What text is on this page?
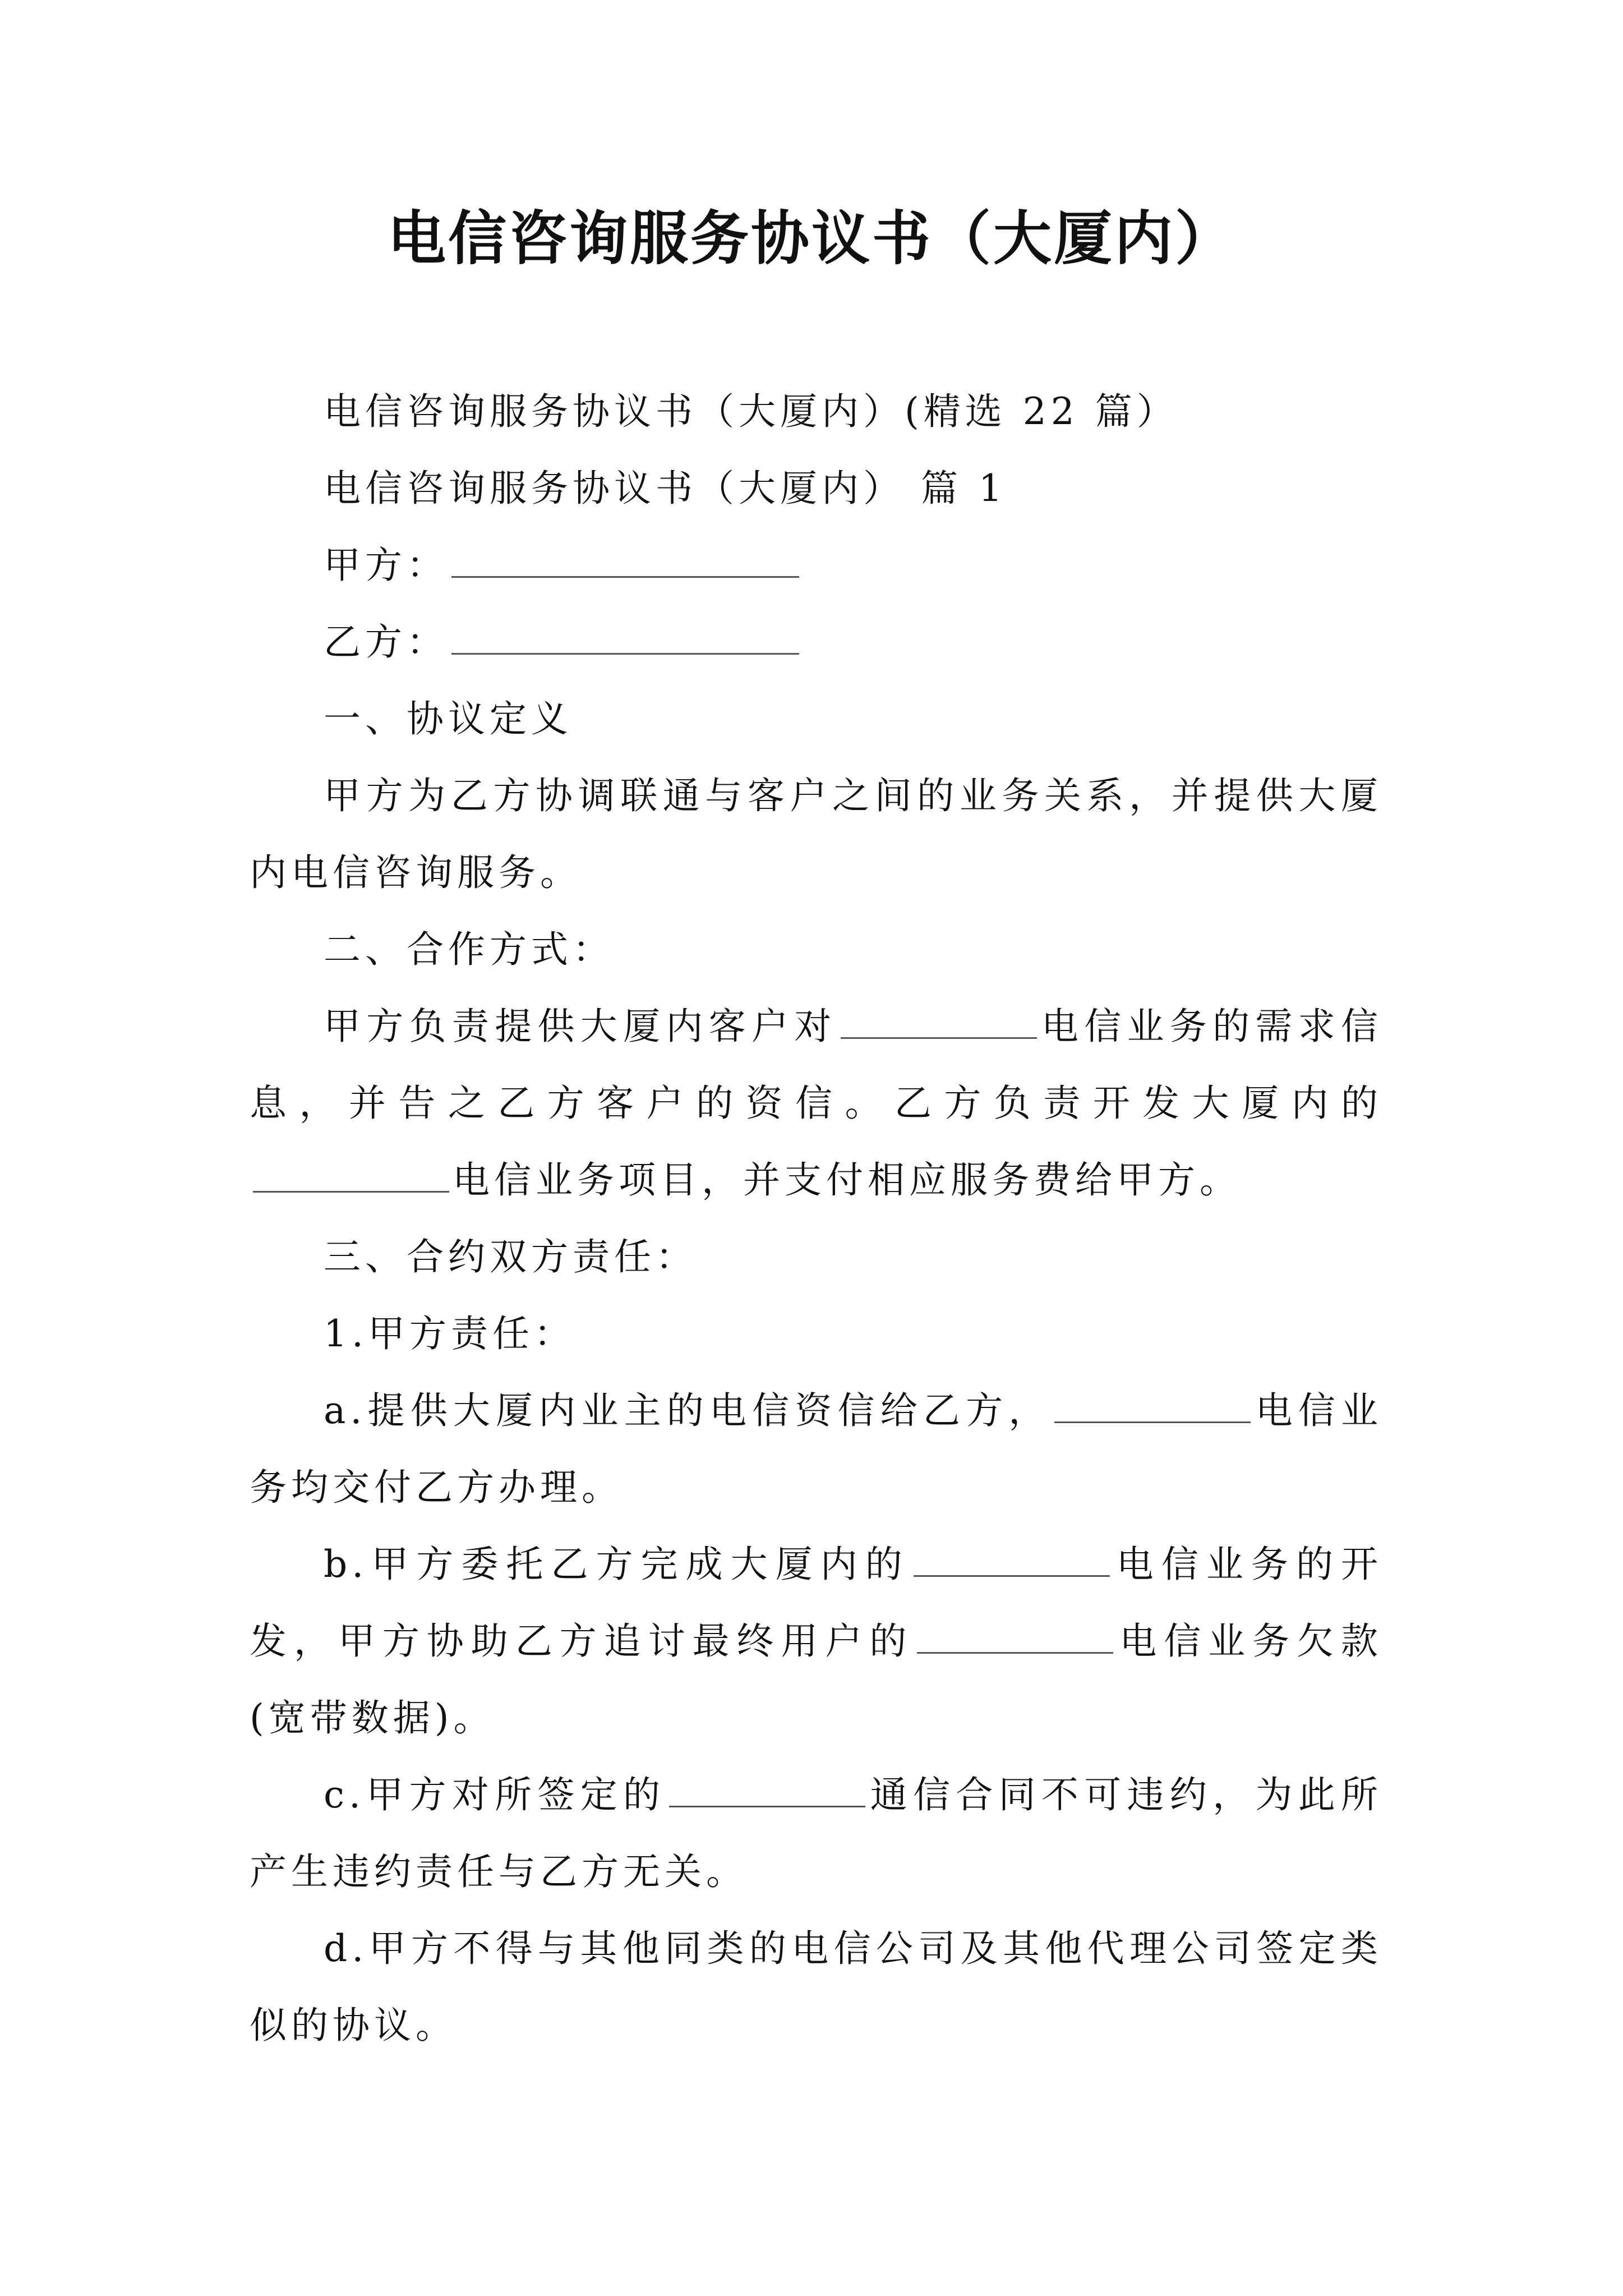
电信咨询服务协议书（大厦内）

电信咨询服务协议书（大厦内）(精选 22 篇）

电信咨询服务协议书（大厦内） 篇 1

甲方：

乙方：

一、协议定义

甲方为乙方协调联通与客户之间的业务关系，并提供大厦内电信咨询服务。

二、合作方式：

甲方负责提供大厦内客户对	电信业务的需求信息，并告之乙方客户的资信。乙方负责开发大厦内的电信业务项目，并支付相应服务费给甲方。

三、合约双方责任：

1.甲方责任：

a.提供大厦内业主的电信资信给乙方，	电信业务均交付乙方办理。

b.甲方委托乙方完成大厦内的	电信业务的开发，甲方协助乙方追讨最终用户的	电信业务欠款(宽带数据)。

c.甲方对所签定的	通信合同不可违约，为此所产生违约责任与乙方无关。

d.甲方不得与其他同类的电信公司及其他代理公司签定类似的协议。
